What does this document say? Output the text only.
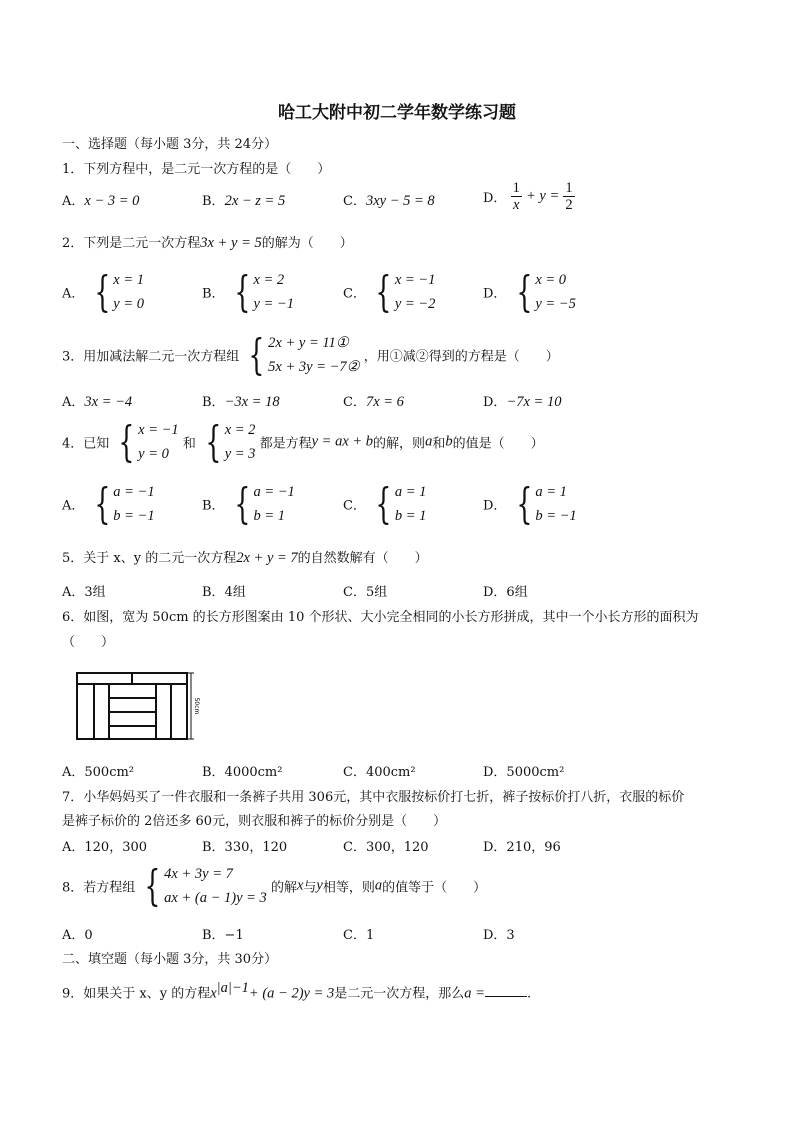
哈工大附中初二学年数学练习题
一、选择题（每小题 3分，共 24分）
1．下列方程中，是二元一次方程的是（　　）
A．x − 3 = 0	B．2x − z = 5	C．3xy − 5 = 8	D． $\frac{1}{x} + y = \frac{1}{2}$
2．下列是二元一次方程3x + y = 5的解为（　　）
A． { x = 1
y = 0
B． { x = 2
y = −1
C． { x = −1
y = −2
D． { x = 0
y = −5
3．用加减法解二元一次方程组 { 2x + y = 11①
5x + 3y = −7②
，用①减②得到的方程是（　　）
A．3x = −4	B．−3x = 18	C．7x = 6	D．−7x = 10
4．已知 { x = −1
y = 0
和 { x = 2
y = 3
都是方程y = ax + b的解，则a和b的值是（　　）
A． { a = −1
b = −1
B． { a = −1
b = 1
C． { a = 1
b = 1
D． { a = 1
b = −1
5．关于 x、y 的二元一次方程2x + y = 7的自然数解有（　　）
A．3组	B．4组	C．5组	D．6组
6．如图，宽为 50cm 的长方形图案由 10 个形状、大小完全相同的小长方形拼成，其中一个小长方形的面积为
（　　）
50cm
A．500cm²	B．4000cm²	C．400cm²	D．5000cm²
7．小华妈妈买了一件衣服和一条裤子共用 306元，其中衣服按标价打七折，裤子按标价打八折，衣服的标价
是裤子标价的 2倍还多 60元，则衣服和裤子的标价分别是（　　）
A．120，300	B．330，120	C．300，120	D．210，96
8．若方程组 { 4x + 3y = 7
ax + (a − 1)y = 3
的解x与y相等，则a的值等于（　　）
A．0	B．−1	C．1	D．3
二、填空题（每小题 3分，共 30分）
9．如果关于 x、y 的方程$x^{|a|-1}+ (a - 2)y = 3$是二元一次方程，那么a =	.
